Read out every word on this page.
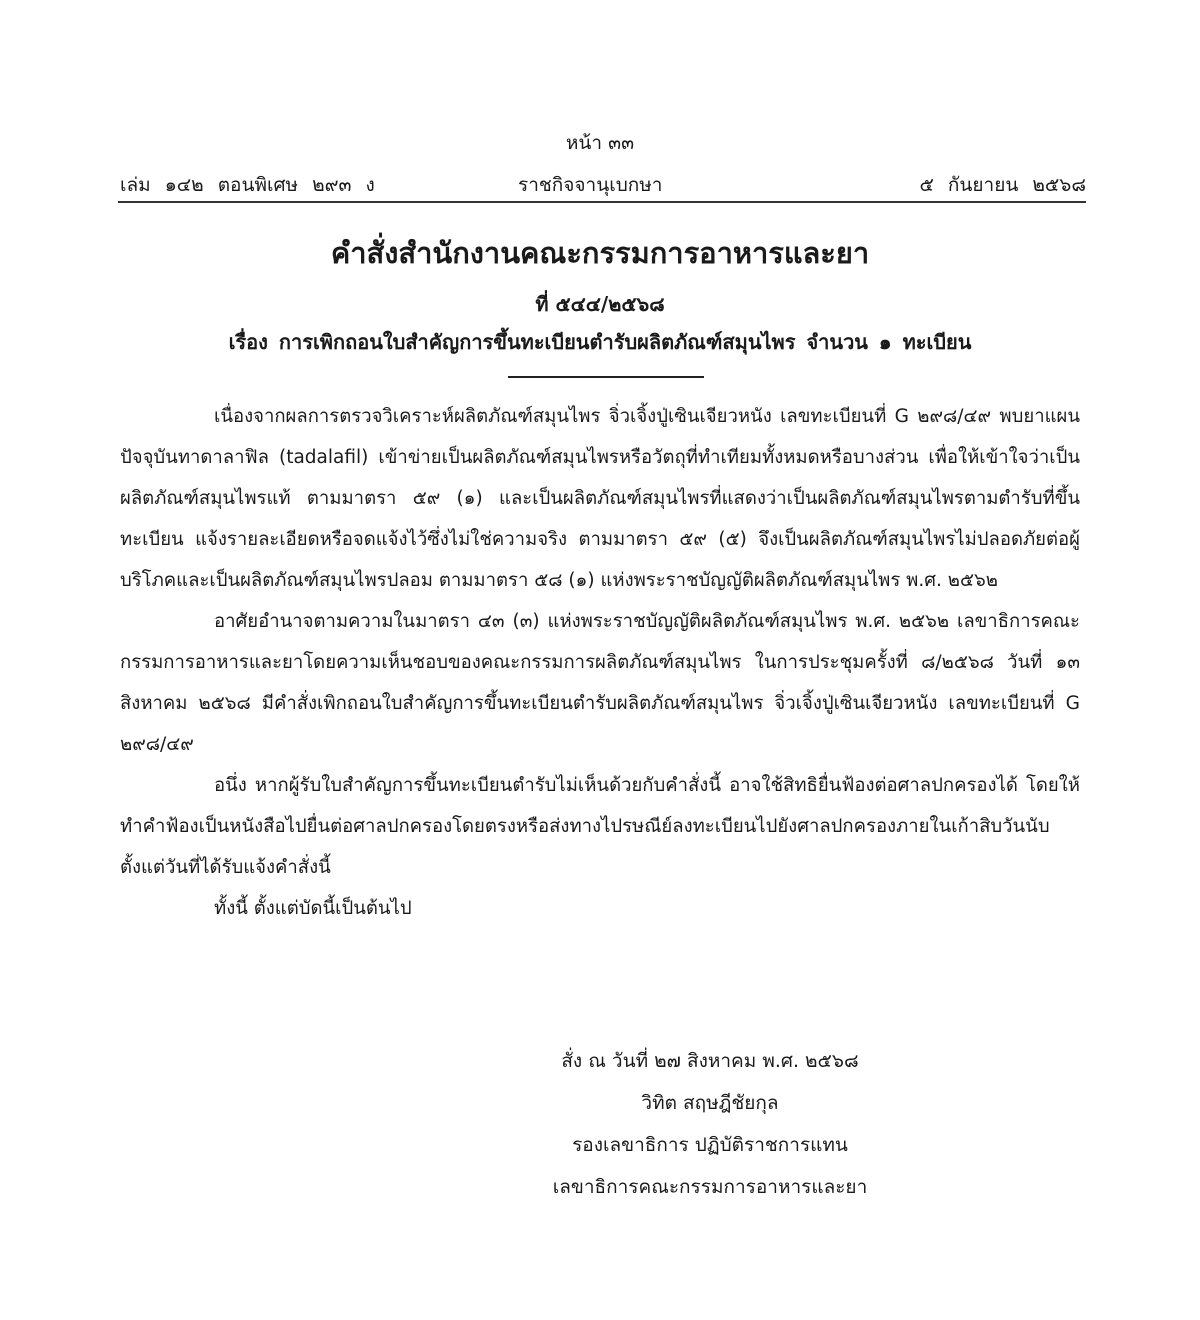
หน้า ๓๓
เล่ม ๑๔๒ ตอนพิเศษ ๒๙๓ ง	ราชกิจจานุเบกษา	๕ กันยายน ๒๕๖๘
คำสั่งสำนักงานคณะกรรมการอาหารและยา
ที่ ๕๔๔/๒๕๖๘
เรื่อง การเพิกถอนใบสำคัญการขึ้นทะเบียนตำรับผลิตภัณฑ์สมุนไพร จำนวน ๑ ทะเบียน

เนื่องจากผลการตรวจวิเคราะห์ผลิตภัณฑ์สมุนไพร จิ่วเจิ้งปู่เซินเจียวหนัง เลขทะเบียนที่ G ๒๙๘/๔๙ พบยาแผนปัจจุบันทาดาลาฟิล (tadalafil) เข้าข่ายเป็นผลิตภัณฑ์สมุนไพรหรือวัตถุที่ทำเทียมทั้งหมดหรือบางส่วน เพื่อให้เข้าใจว่าเป็นผลิตภัณฑ์สมุนไพรแท้ ตามมาตรา ๕๙ (๑) และเป็นผลิตภัณฑ์สมุนไพรที่แสดงว่าเป็นผลิตภัณฑ์สมุนไพรตามตำรับที่ขึ้นทะเบียน แจ้งรายละเอียดหรือจดแจ้งไว้ซึ่งไม่ใช่ความจริง ตามมาตรา ๕๙ (๕) จึงเป็นผลิตภัณฑ์สมุนไพรไม่ปลอดภัยต่อผู้บริโภคและเป็นผลิตภัณฑ์สมุนไพรปลอม ตามมาตรา ๕๘ (๑) แห่งพระราชบัญญัติผลิตภัณฑ์สมุนไพร พ.ศ. ๒๕๖๒

อาศัยอำนาจตามความในมาตรา ๔๓ (๓) แห่งพระราชบัญญัติผลิตภัณฑ์สมุนไพร พ.ศ. ๒๕๖๒ เลขาธิการคณะกรรมการอาหารและยาโดยความเห็นชอบของคณะกรรมการผลิตภัณฑ์สมุนไพร ในการประชุมครั้งที่ ๘/๒๕๖๘ วันที่ ๑๓ สิงหาคม ๒๕๖๘ มีคำสั่งเพิกถอนใบสำคัญการขึ้นทะเบียนตำรับผลิตภัณฑ์สมุนไพร จิ่วเจิ้งปู่เซินเจียวหนัง เลขทะเบียนที่ G ๒๙๘/๔๙

อนึ่ง หากผู้รับใบสำคัญการขึ้นทะเบียนตำรับไม่เห็นด้วยกับคำสั่งนี้ อาจใช้สิทธิยื่นฟ้องต่อศาลปกครองได้ โดยให้ทำคำฟ้องเป็นหนังสือไปยื่นต่อศาลปกครองโดยตรงหรือส่งทางไปรษณีย์ลงทะเบียนไปยังศาลปกครองภายในเก้าสิบวันนับตั้งแต่วันที่ได้รับแจ้งคำสั่งนี้

ทั้งนี้ ตั้งแต่บัดนี้เป็นต้นไป

สั่ง ณ วันที่ ๒๗ สิงหาคม พ.ศ. ๒๕๖๘
วิทิต สฤษฎีชัยกุล
รองเลขาธิการ ปฏิบัติราชการแทน
เลขาธิการคณะกรรมการอาหารและยา
